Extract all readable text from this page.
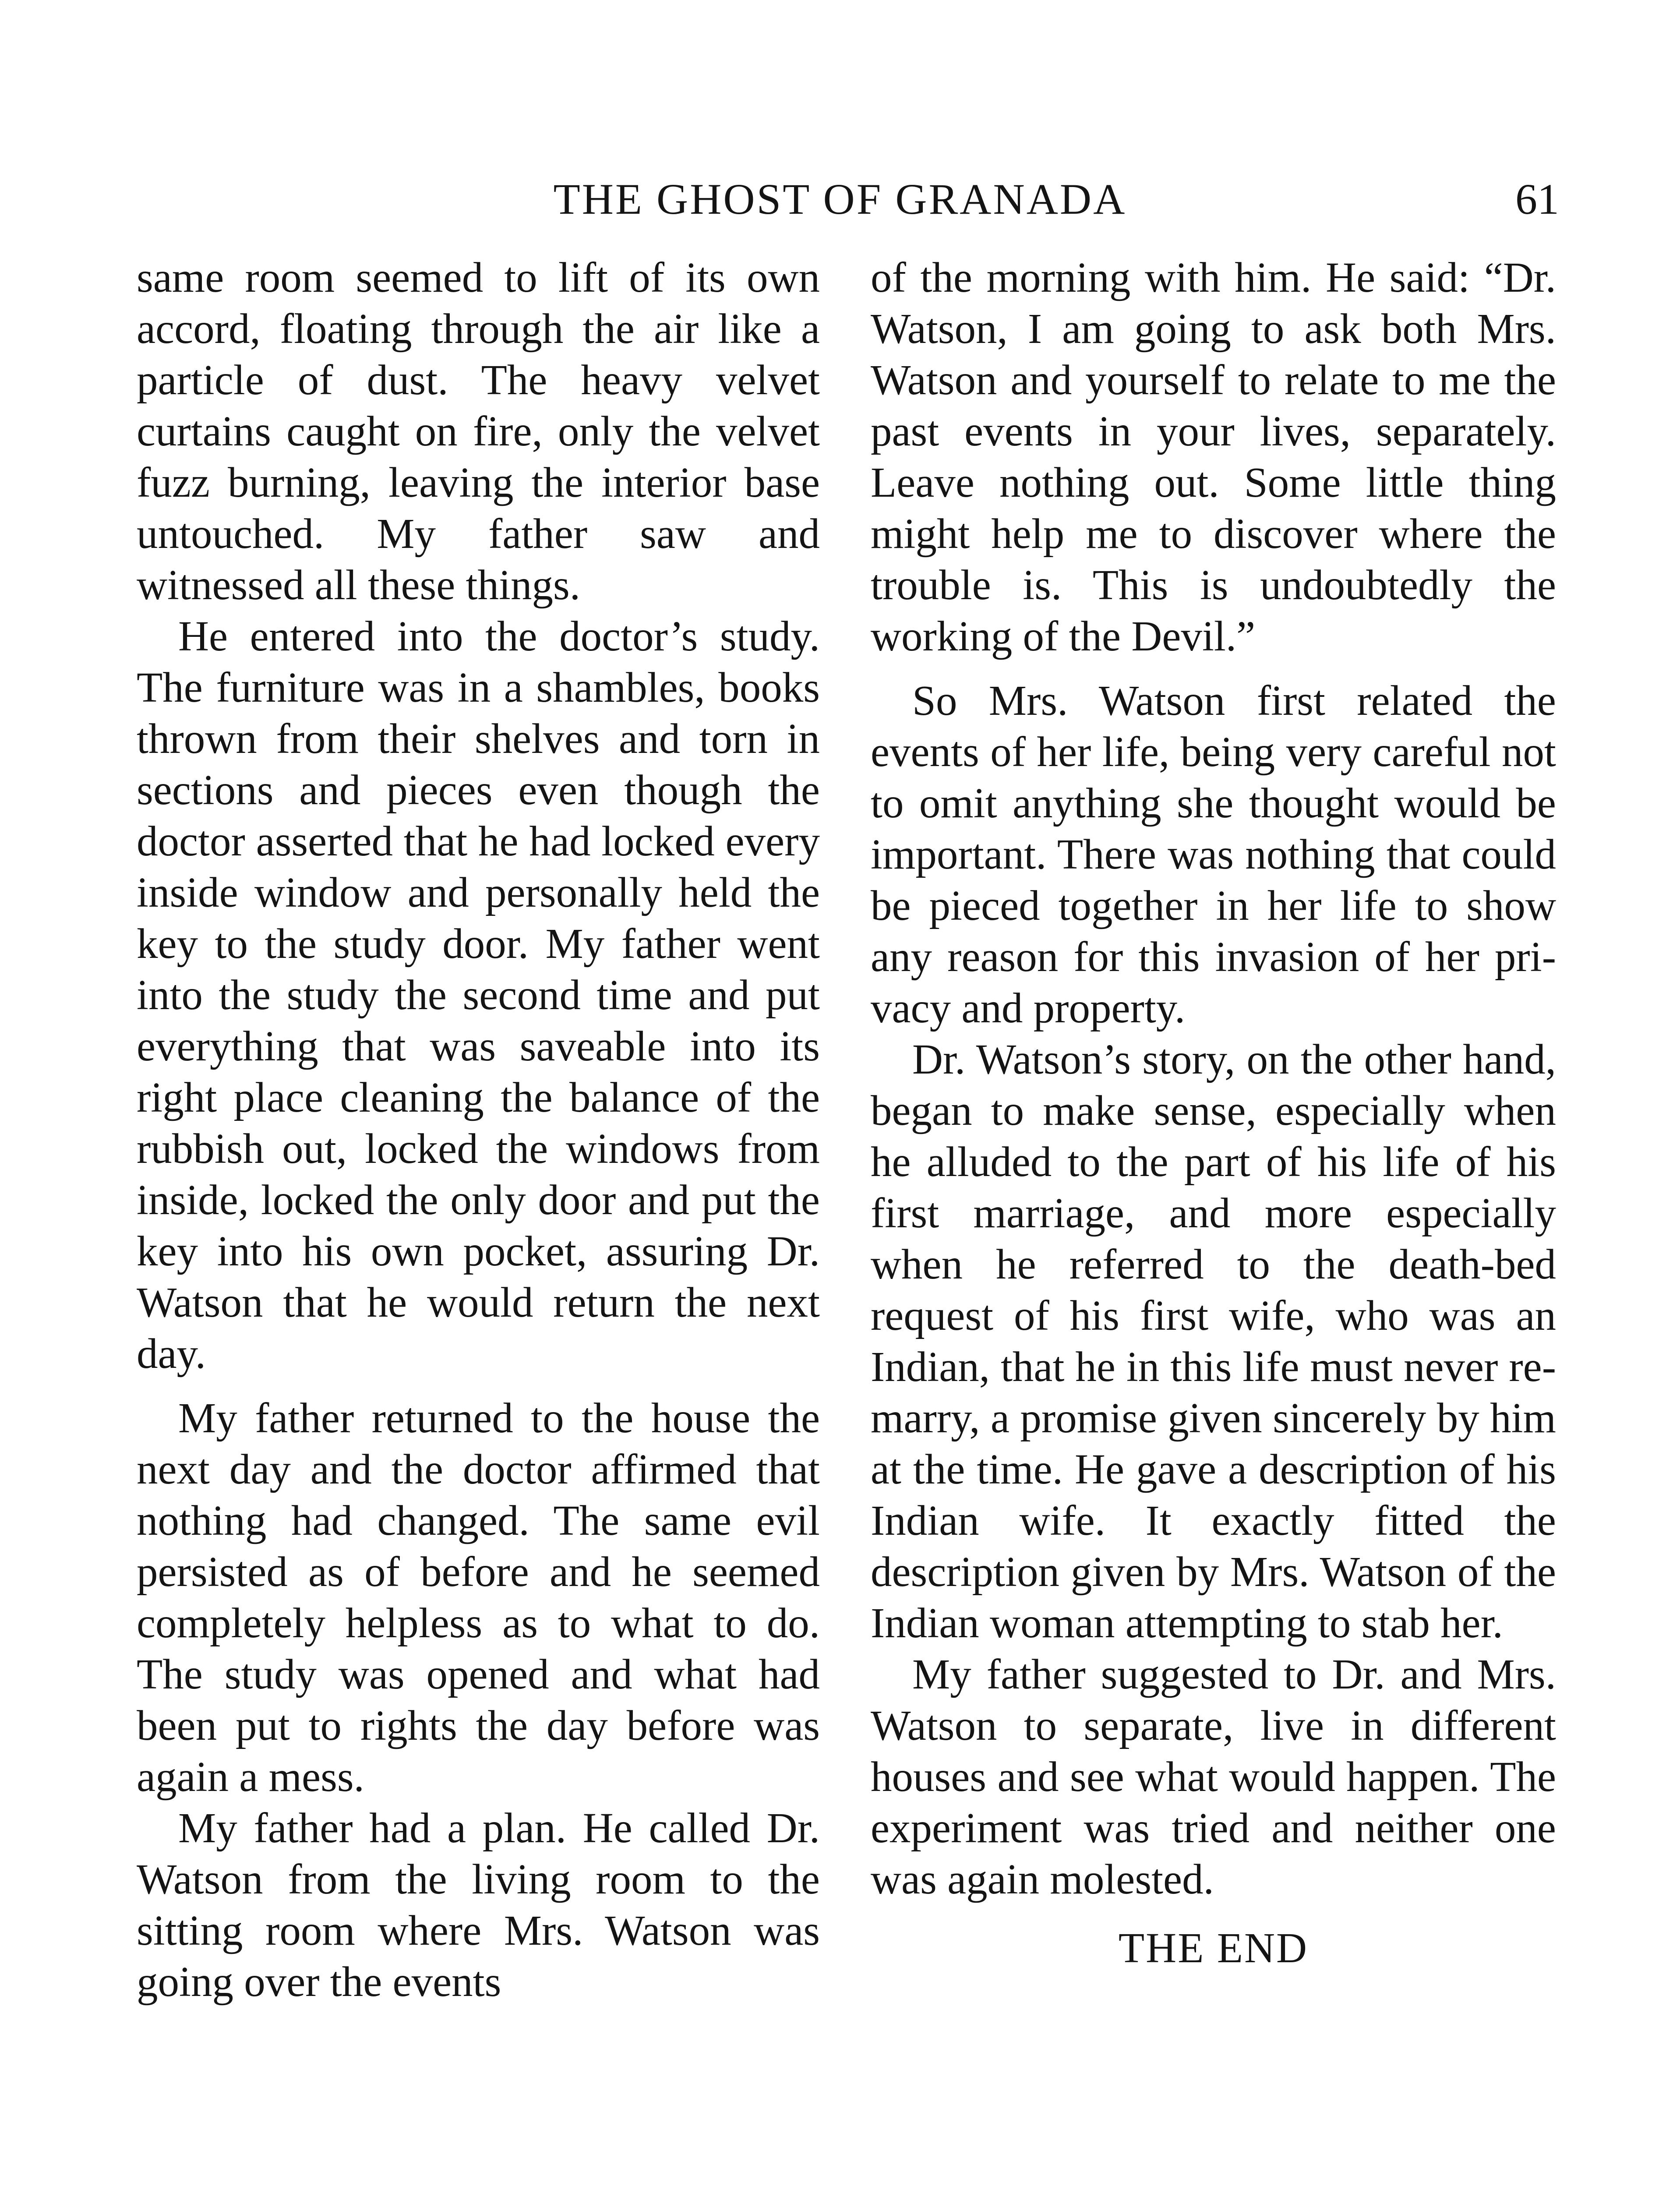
THE GHOST OF GRANADA	61

same room seemed to lift of its own accord, floating through the air like a particle of dust. The heavy velvet curtains caught on fire, only the velvet fuzz burning, leaving the interior base untouched. My father saw and witnessed all these things.

He entered into the doctor’s study. The furniture was in a shambles, books thrown from their shelves and torn in sections and pieces even though the doctor asserted that he had locked every inside window and personally held the key to the study door. My father went into the study the second time and put everything that was saveable into its right place cleaning the balance of the rubbish out, locked the windows from inside, locked the only door and put the key into his own pocket, assuring Dr. Watson that he would return the next day.

My father returned to the house the next day and the doctor affirmed that nothing had changed. The same evil persisted as of before and he seemed completely helpless as to what to do. The study was opened and what had been put to rights the day before was again a mess.

My father had a plan. He called Dr. Watson from the living room to the sitting room where Mrs. Watson was going over the events

of the morning with him. He said: “Dr. Watson, I am going to ask both Mrs. Watson and yourself to relate to me the past events in your lives, separately. Leave nothing out. Some little thing might help me to discover where the trouble is. This is undoubtedly the working of the Devil.”

So Mrs. Watson first related the events of her life, being very careful not to omit anything she thought would be important. There was nothing that could be pieced together in her life to show any reason for this invasion of her privacy and property.

Dr. Watson’s story, on the other hand, began to make sense, especially when he alluded to the part of his life of his first marriage, and more especially when he referred to the death-bed request of his first wife, who was an Indian, that he in this life must never remarry, a promise given sincerely by him at the time. He gave a description of his Indian wife. It exactly fitted the description given by Mrs. Watson of the Indian woman attempting to stab her.

My father suggested to Dr. and Mrs. Watson to separate, live in different houses and see what would happen. The experiment was tried and neither one was again molested.

THE END
